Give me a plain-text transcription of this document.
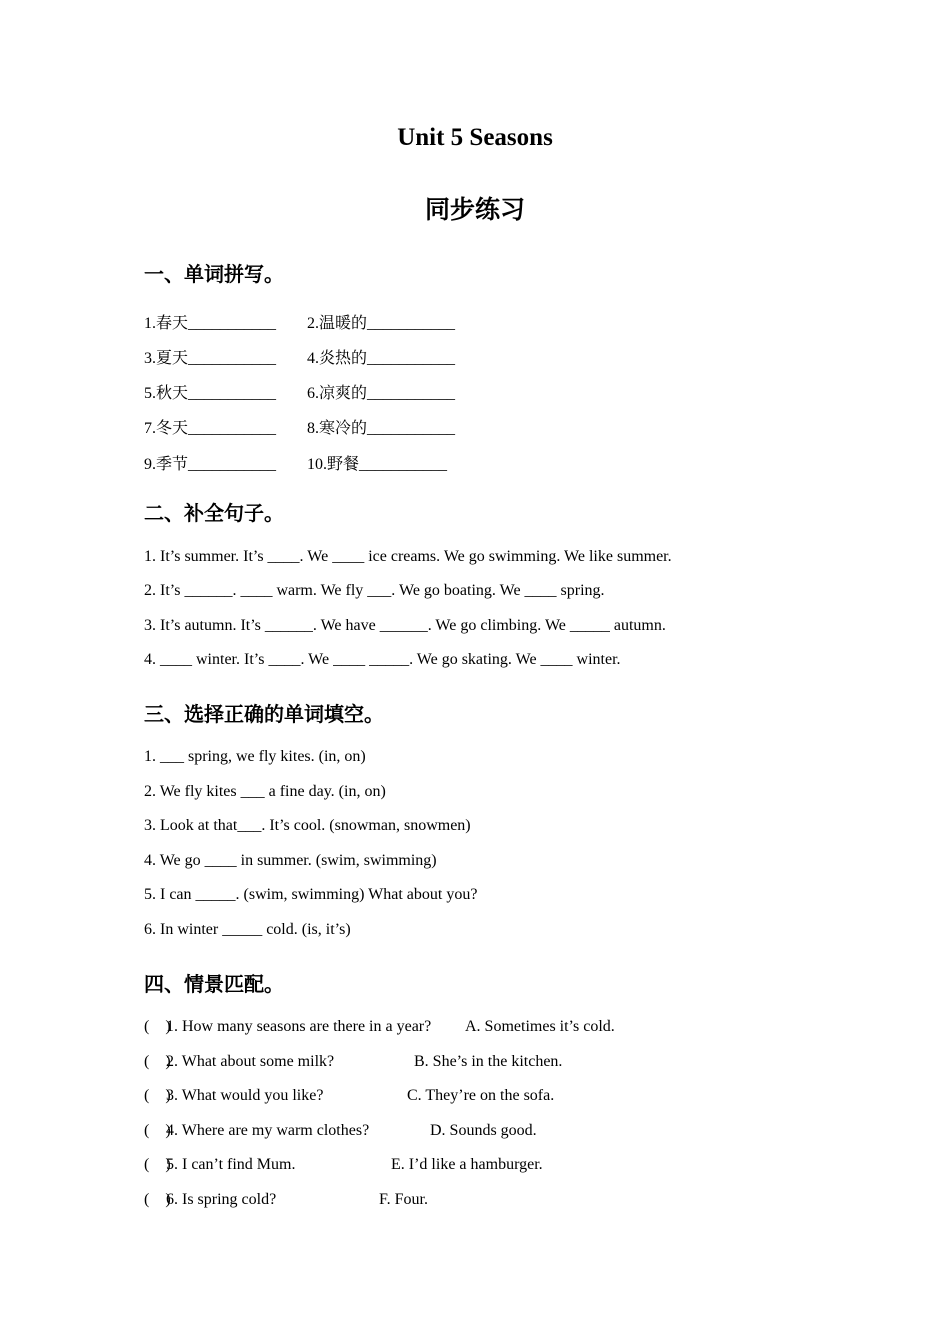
Unit 5 Seasons
同步练习
一、单词拼写。
1.春天___________ 2.温暖的___________
3.夏天___________ 4.炎热的___________
5.秋天___________ 6.凉爽的___________
7.冬天___________ 8.寒冷的___________
9.季节___________ 10.野餐___________
二、补全句子。
1. It’s summer. It’s ____. We ____ ice creams. We go swimming. We like summer.
2. It’s ______. ____ warm. We fly ___. We go boating. We ____ spring.
3. It’s autumn. It’s ______. We have ______. We go climbing. We _____ autumn.
4. ____ winter. It’s ____. We ____ _____. We go skating. We ____ winter.
三、选择正确的单词填空。
1. ___ spring, we fly kites. (in, on)
2. We fly kites ___ a fine day. (in, on)
3. Look at that___. It’s cool. (snowman, snowmen)
4. We go ____ in summer. (swim, swimming)
5. I can _____. (swim, swimming) What about you?
6. In winter _____ cold. (is, it’s)
四、情景匹配。
(    )
1. How many seasons are there in a year? A. Sometimes it’s cold.
(    )
2. What about some milk?	B. She’s in the kitchen.
(    )
3. What would you like?	C. They’re on the sofa.
(    )
4. Where are my warm clothes?	D. Sounds good.
(    )
5. I can’t find Mum.	E. I’d like a hamburger.
(    )
6. Is spring cold?	F. Four.
